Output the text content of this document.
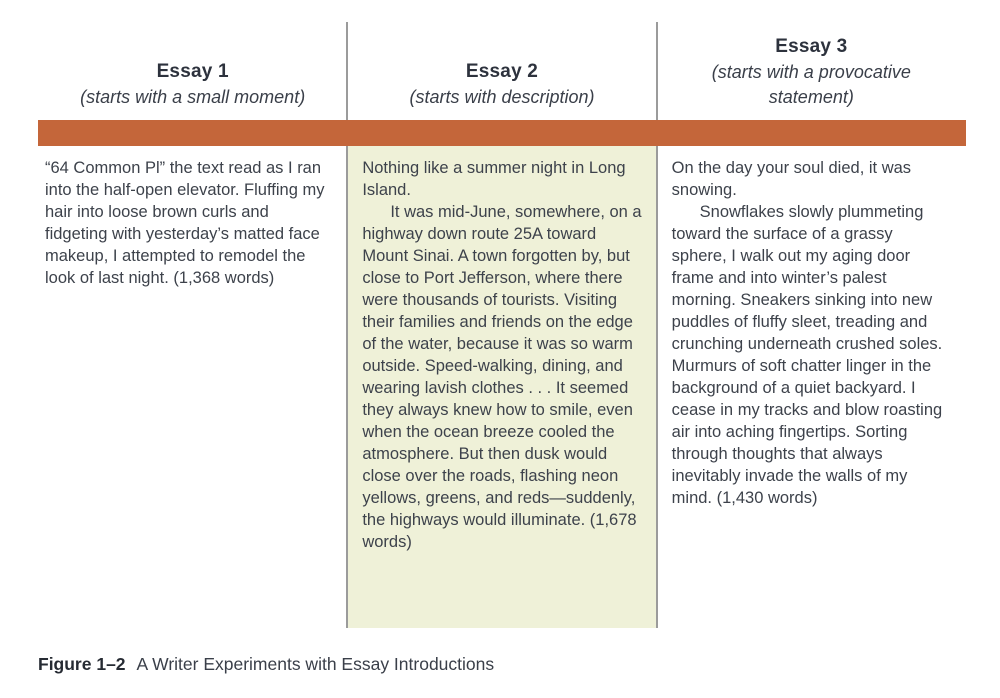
Essay 1
(starts with a small moment)
Essay 2
(starts with description)
Essay 3
(starts with a provocative statement)

“64 Common Pl” the text read as I ran into the half-open elevator. Fluffing my hair into loose brown curls and fidgeting with yesterday’s matted face makeup, I attempted to remodel the look of last night. (1,368 words)

Nothing like a summer night in Long Island.

It was mid-June, somewhere, on a highway down route 25A toward Mount Sinai. A town forgotten by, but close to Port Jefferson, where there were thousands of tourists. Visiting their families and friends on the edge of the water, because it was so warm outside. Speed-walking, dining, and wearing lavish clothes . . . It seemed they always knew how to smile, even when the ocean breeze cooled the atmosphere. But then dusk would close over the roads, flashing neon yellows, greens, and reds—suddenly, the highways would illuminate. (1,678 words)

On the day your soul died, it was snowing.

Snowflakes slowly plummeting toward the surface of a grassy sphere, I walk out my aging door frame and into winter’s palest morning. Sneakers sinking into new puddles of fluffy sleet, treading and crunching underneath crushed soles. Murmurs of soft chatter linger in the background of a quiet backyard. I cease in my tracks and blow roasting air into aching fingertips. Sorting through thoughts that always inevitably invade the walls of my mind. (1,430 words)

Figure 1–2 A Writer Experiments with Essay Introductions
